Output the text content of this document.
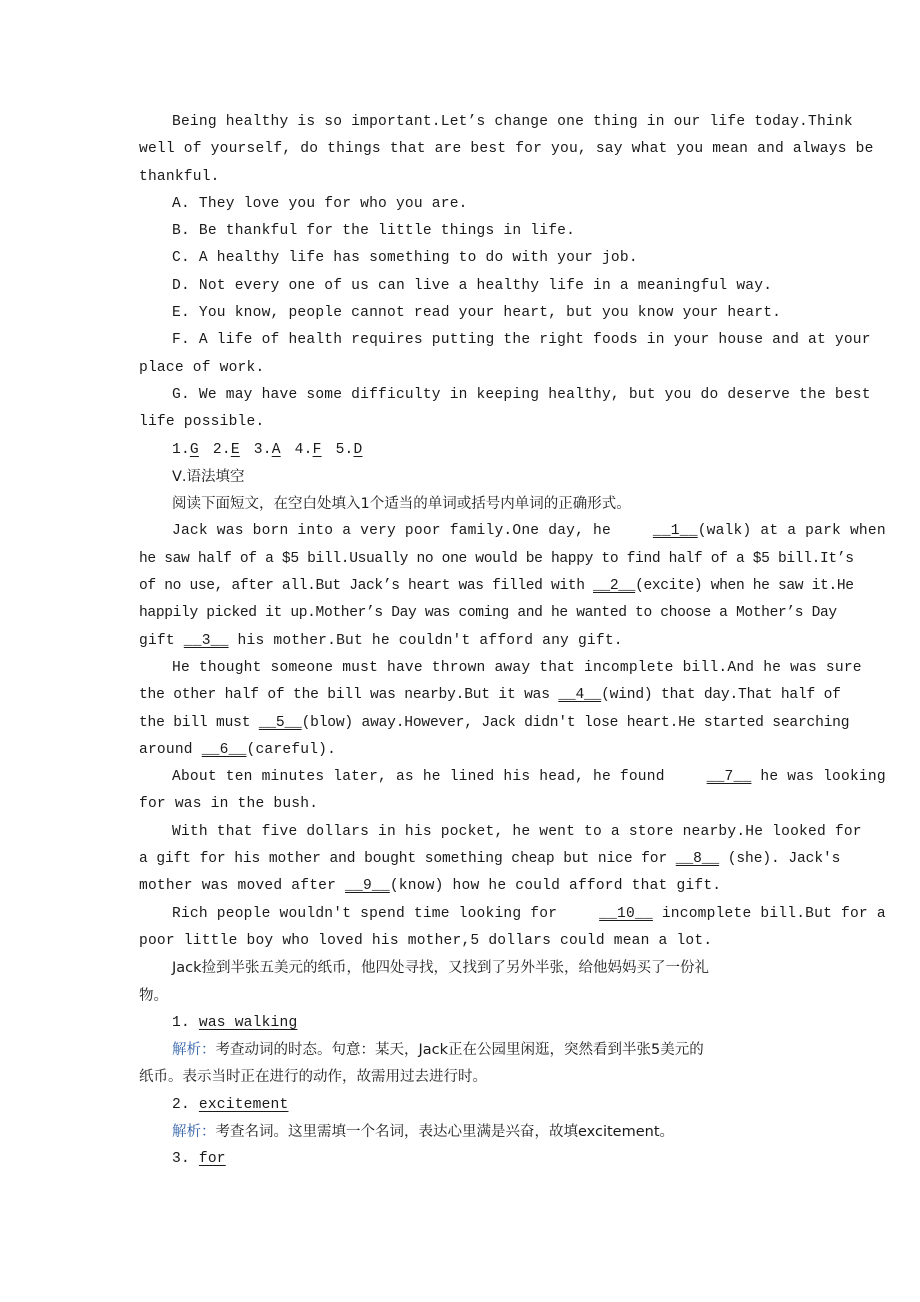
Being healthy is so important.Let’s change one thing in our life today.Think

well of yourself, do things that are best for you, say what you mean and always be

thankful.

A. They love you for who you are.

B. Be thankful for the little things in life.

C. A healthy life has something to do with your job.

D. Not every one of us can live a healthy life in a meaningful way.

E. You know, people cannot read your heart, but you know your heart.

F. A life of health requires putting the right foods in your house and at your

place of work.

G. We may have some difficulty in keeping healthy, but you do deserve the best

life possible.

1.G 2.E 3.A 4.F 5.D

Ⅴ.语法填空

阅读下面短文，在空白处填入1个适当的单词或括号内单词的正确形式。

Jack was born into a very poor family.One day, he __1__(walk) at a park when

he saw half of a $5 bill.Usually no one would be happy to find half of a $5 bill.It’s

of no use, after all.But Jack’s heart was filled with __2__(excite) when he saw it.He

happily picked it up.Mother’s Day was coming and he wanted to choose a Mother’s Day

gift __3__ his mother.But he couldn't afford any gift.

He thought someone must have thrown away that incomplete bill.And he was sure

the other half of the bill was nearby.But it was __4__(wind) that day.That half of

the bill must __5__(blow) away.However, Jack didn't lose heart.He started searching

around __6__(careful).

About ten minutes later, as he lined his head, he found __7__ he was looking

for was in the bush.

With that five dollars in his pocket, he went to a store nearby.He looked for

a gift for his mother and bought something cheap but nice for __8__ (she). Jack's

mother was moved after __9__(know) how he could afford that gift.

Rich people wouldn't spend time looking for __10__ incomplete bill.But for a

poor little boy who loved his mother,5 dollars could mean a lot.

Jack捡到半张五美元的纸币，他四处寻找，又找到了另外半张，给他妈妈买了一份礼

物。

1. was walking

解析：考查动词的时态。句意：某天，Jack正在公园里闲逛，突然看到半张5美元的

纸币。表示当时正在进行的动作，故需用过去进行时。

2. excitement

解析：考查名词。这里需填一个名词，表达心里满是兴奋，故填excitement。

3. for
